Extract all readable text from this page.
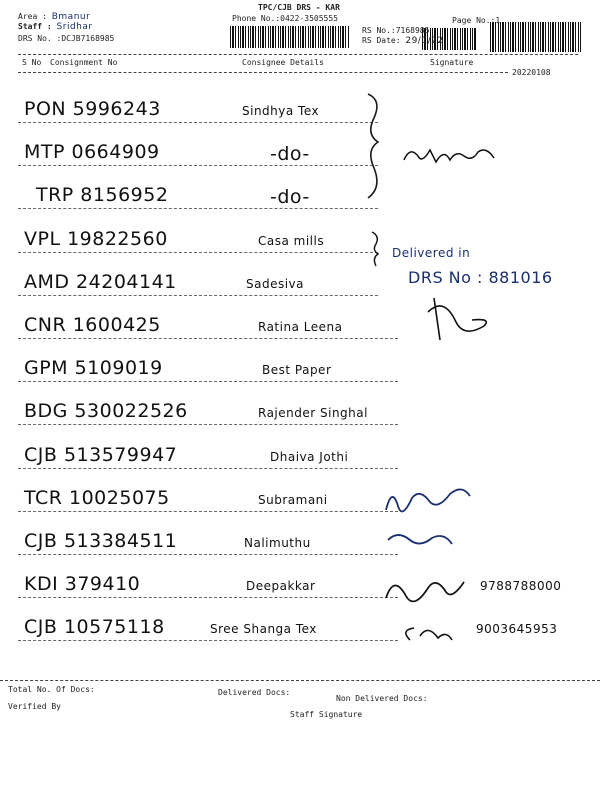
Area : Bmanur
Staff : Sridhar
DRS No. :DCJB7168985
TPC/CJB DRS - KAR
Phone No.:0422-3505555
RS No.:7168985
RS Date: 29/1/22
Page No.:1
S No Consignment No	Consignee Details	Signature
20220108
PON 5996243	Sindhya Tex
MTP 0664909	-do-
TRP 8156952	-do-
VPL 19822560	Casa mills
AMD 24204141	Sadesiva
CNR 1600425	Ratina Leena
GPM 5109019	Best Paper
BDG 530022526	Rajender Singhal
CJB 513579947	Dhaiva Jothi
TCR 10025075	Subramani
CJB 513384511	Nalimuthu
KDI 379410	Deepakkar	9788788000
CJB 10575118	Sree Shanga Tex	9003645953
Delivered in
DRS No : 881016
Total No. Of Docs:	Delivered Docs:
Non Delivered Docs:
Verified By
Staff Signature
